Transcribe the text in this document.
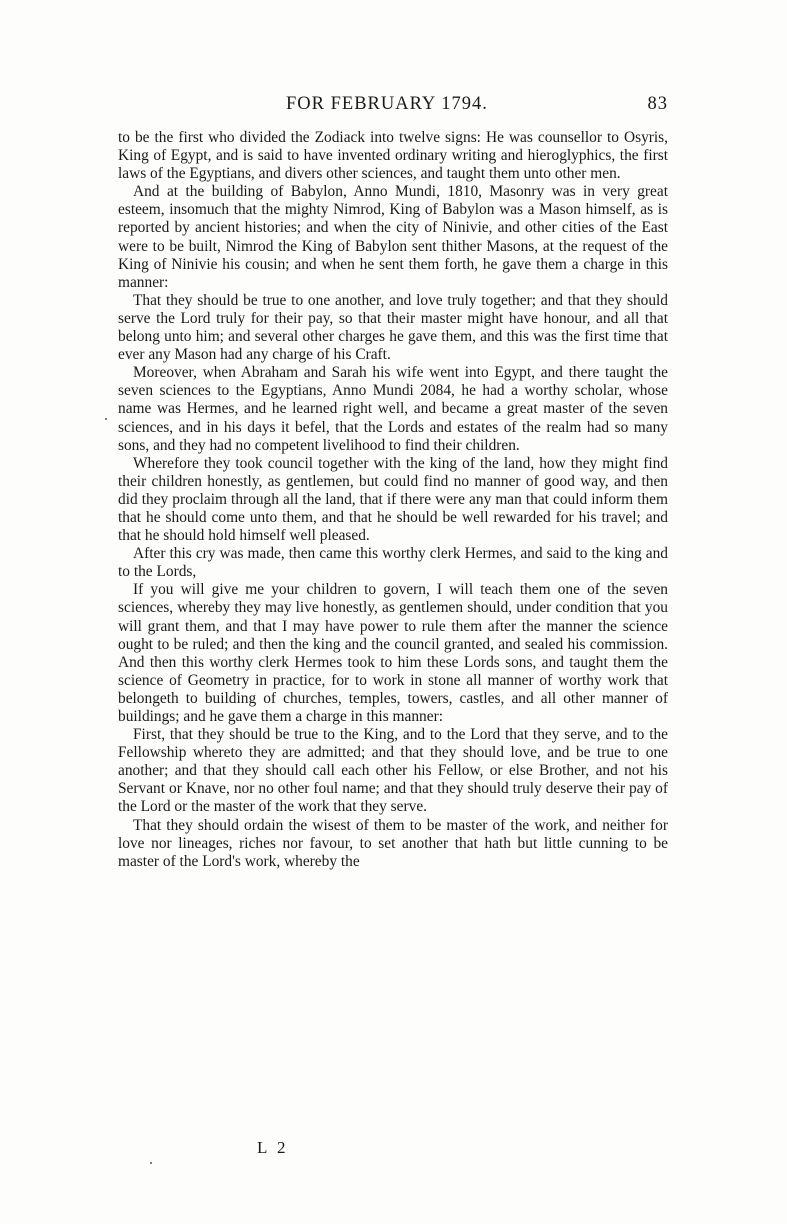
FOR FEBRUARY 1794.	83

to be the first who divided the Zodiack into twelve signs: He was counsellor to Osyris, King of Egypt, and is said to have invented ordinary writing and hieroglyphics, the first laws of the Egyptians, and divers other sciences, and taught them unto other men.

And at the building of Babylon, Anno Mundi, 1810, Masonry was in very great esteem, insomuch that the mighty Nimrod, King of Babylon was a Mason himself, as is reported by ancient histories; and when the city of Ninivie, and other cities of the East were to be built, Nimrod the King of Babylon sent thither Masons, at the request of the King of Ninivie his cousin; and when he sent them forth, he gave them a charge in this manner:

That they should be true to one another, and love truly together; and that they should serve the Lord truly for their pay, so that their master might have honour, and all that belong unto him; and several other charges he gave them, and this was the first time that ever any Mason had any charge of his Craft.

Moreover, when Abraham and Sarah his wife went into Egypt, and there taught the seven sciences to the Egyptians, Anno Mundi 2084, he had a worthy scholar, whose name was Hermes, and he learned right well, and became a great master of the seven sciences, and in his days it befel, that the Lords and estates of the realm had so many sons, and they had no competent livelihood to find their children.

Wherefore they took council together with the king of the land, how they might find their children honestly, as gentlemen, but could find no manner of good way, and then did they proclaim through all the land, that if there were any man that could inform them that he should come unto them, and that he should be well rewarded for his travel; and that he should hold himself well pleased.

After this cry was made, then came this worthy clerk Hermes, and said to the king and to the Lords,

If you will give me your children to govern, I will teach them one of the seven sciences, whereby they may live honestly, as gentlemen should, under condition that you will grant them, and that I may have power to rule them after the manner the science ought to be ruled; and then the king and the council granted, and sealed his commission. And then this worthy clerk Hermes took to him these Lords sons, and taught them the science of Geometry in practice, for to work in stone all manner of worthy work that belongeth to building of churches, temples, towers, castles, and all other manner of buildings; and he gave them a charge in this manner:

First, that they should be true to the King, and to the Lord that they serve, and to the Fellowship whereto they are admitted; and that they should love, and be true to one another; and that they should call each other his Fellow, or else Brother, and not his Servant or Knave, nor no other foul name; and that they should truly deserve their pay of the Lord or the master of the work that they serve.

That they should ordain the wisest of them to be master of the work, and neither for love nor lineages, riches nor favour, to set another that hath but little cunning to be master of the Lord's work, whereby the

L 2
